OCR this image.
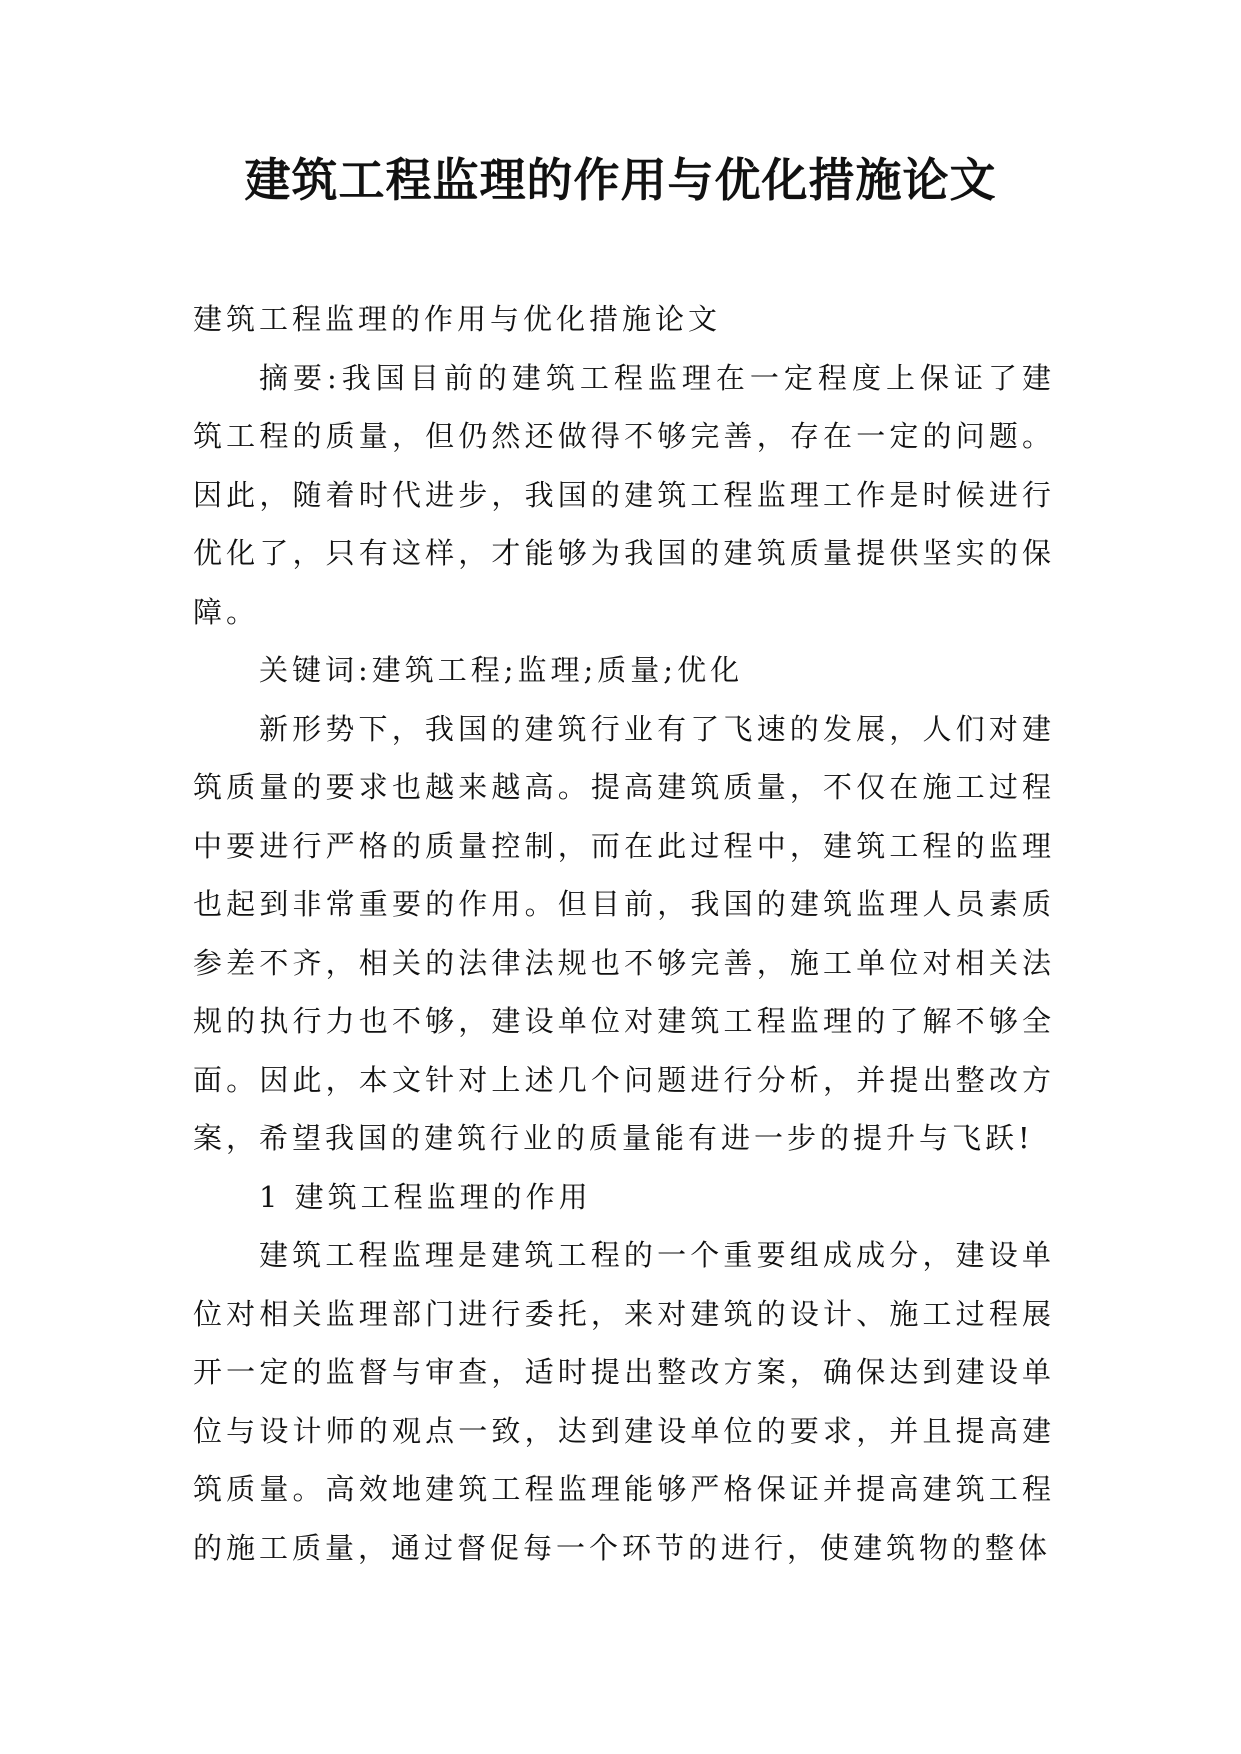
建筑工程监理的作用与优化措施论文

建筑工程监理的作用与优化措施论文

摘要:我国目前的建筑工程监理在一定程度上保证了建筑工程的质量，但仍然还做得不够完善，存在一定的问题。因此，随着时代进步，我国的建筑工程监理工作是时候进行优化了，只有这样，才能够为我国的建筑质量提供坚实的保障。

关键词:建筑工程;监理;质量;优化

新形势下，我国的建筑行业有了飞速的发展，人们对建筑质量的要求也越来越高。提高建筑质量，不仅在施工过程中要进行严格的质量控制，而在此过程中，建筑工程的监理也起到非常重要的作用。但目前，我国的建筑监理人员素质参差不齐，相关的法律法规也不够完善，施工单位对相关法规的执行力也不够，建设单位对建筑工程监理的了解不够全面。因此，本文针对上述几个问题进行分析，并提出整改方案，希望我国的建筑行业的质量能有进一步的提升与飞跃!

1 建筑工程监理的作用

建筑工程监理是建筑工程的一个重要组成成分，建设单位对相关监理部门进行委托，来对建筑的设计、施工过程展开一定的监督与审查，适时提出整改方案，确保达到建设单位与设计师的观点一致，达到建设单位的要求，并且提高建筑质量。高效地建筑工程监理能够严格保证并提高建筑工程的施工质量，通过督促每一个环节的进行，使建筑物的整体
